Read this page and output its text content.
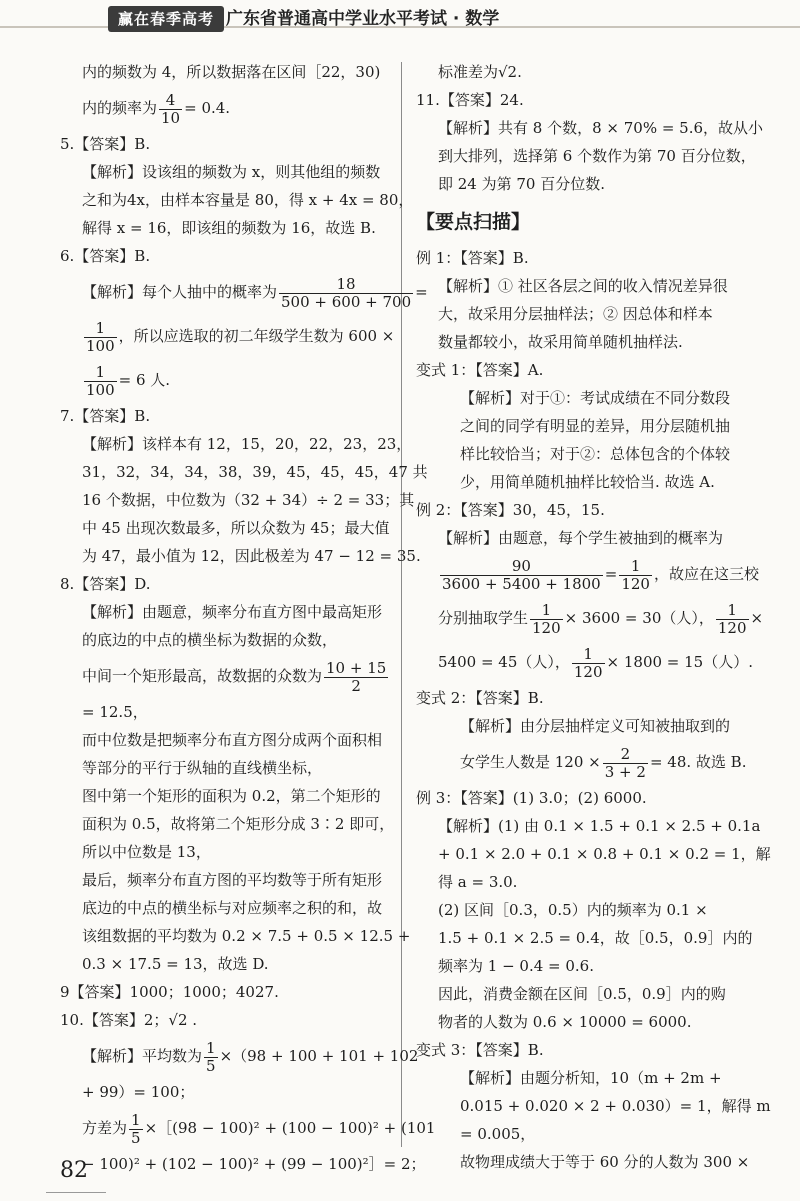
赢在春季高考 广东省普通高中学业水平考试 · 数学

内的频数为 4，所以数据落在区间［22，30)

内的频率为 $\frac{4}{10} = 0.4$.

5.【答案】B.

【解析】设该组的频数为 x，则其他组的频数

之和为4x，由样本容量是 80，得 x + 4x = 80，

解得 x = 16，即该组的频数为 16，故选 B.

6.【答案】B.

【解析】每个人抽中的概率为 $\frac{18}{500 + 600 + 700}$ =

$\frac{1}{100}$ ，所以应选取的初二年级学生数为 600 ×

$\frac{1}{100} = 6$ 人.

7.【答案】B.

【解析】该样本有 12，15，20，22，23，23，

31，32，34，34，38，39，45，45，45，47 共

16 个数据，中位数为（32 + 34）÷ 2 = 33；其

中 45 出现次数最多，所以众数为 45；最大值

为 47，最小值为 12，因此极差为 47 − 12 = 35.

8.【答案】D.

【解析】由题意，频率分布直方图中最高矩形

的底边的中点的横坐标为数据的众数，

中间一个矩形最高，故数据的众数为 $\frac{10 + 15}{2}$

= 12.5，

而中位数是把频率分布直方图分成两个面积相

等部分的平行于纵轴的直线横坐标，

图中第一个矩形的面积为 0.2，第二个矩形的

面积为 0.5，故将第二个矩形分成 3∶2 即可，

所以中位数是 13，

最后，频率分布直方图的平均数等于所有矩形

底边的中点的横坐标与对应频率之积的和，故

该组数据的平均数为 0.2 × 7.5 + 0.5 × 12.5 +

0.3 × 17.5 = 13，故选 D.

9【答案】1000；1000；4027.

10.【答案】2；√2 .

【解析】平均数为 $\frac{1}{5} \times(98 + 100 + 101 + 102$

+ 99）= 100；

方差为 $\frac{1}{5}$ ×［(98 − 100)² + (100 − 100)² + (101

− 100)² + (102 − 100)² + (99 − 100)²］= 2；

标准差为√2.

11.【答案】24.

【解析】共有 8 个数，8 × 70% = 5.6，故从小

到大排列，选择第 6 个数作为第 70 百分位数，

即 24 为第 70 百分位数.

【要点扫描】

例 1：【答案】B.

【解析】① 社区各层之间的收入情况差异很

大，故采用分层抽样法；② 因总体和样本

数量都较小，故采用简单随机抽样法.

变式 1：【答案】A.

【解析】对于①：考试成绩在不同分数段

之间的同学有明显的差异，用分层随机抽

样比较恰当；对于②：总体包含的个体较

少，用简单随机抽样比较恰当. 故选 A.

例 2：【答案】30，45，15.

【解析】由题意，每个学生被抽到的概率为

$\frac{90}{3600 + 5400 + 1800} = \frac{1}{120}$ ，故应在这三校

分别抽取学生 $\frac{1}{120} \times 3600 = 30$（人）， $\frac{1}{120}$ ×

5400 = 45（人）， $\frac{1}{120} \times 1800 = 15$（人）.

变式 2：【答案】B.

【解析】由分层抽样定义可知被抽取到的

女学生人数是 $120 \times \frac{2}{3 + 2} = 48$. 故选 B.

例 3：【答案】(1) 3.0；(2) 6000.

【解析】(1) 由 0.1 × 1.5 + 0.1 × 2.5 + 0.1a

+ 0.1 × 2.0 + 0.1 × 0.8 + 0.1 × 0.2 = 1，解

得 a = 3.0.

(2) 区间［0.3，0.5）内的频率为 0.1 ×

1.5 + 0.1 × 2.5 = 0.4，故［0.5，0.9］内的

频率为 1 − 0.4 = 0.6.

因此，消费金额在区间［0.5，0.9］内的购

物者的人数为 0.6 × 10000 = 6000.

变式 3：【答案】B.

【解析】由题分析知，10（m + 2m +

0.015 + 0.020 × 2 + 0.030）= 1，解得 m

= 0.005，

故物理成绩大于等于 60 分的人数为 300 ×

82
